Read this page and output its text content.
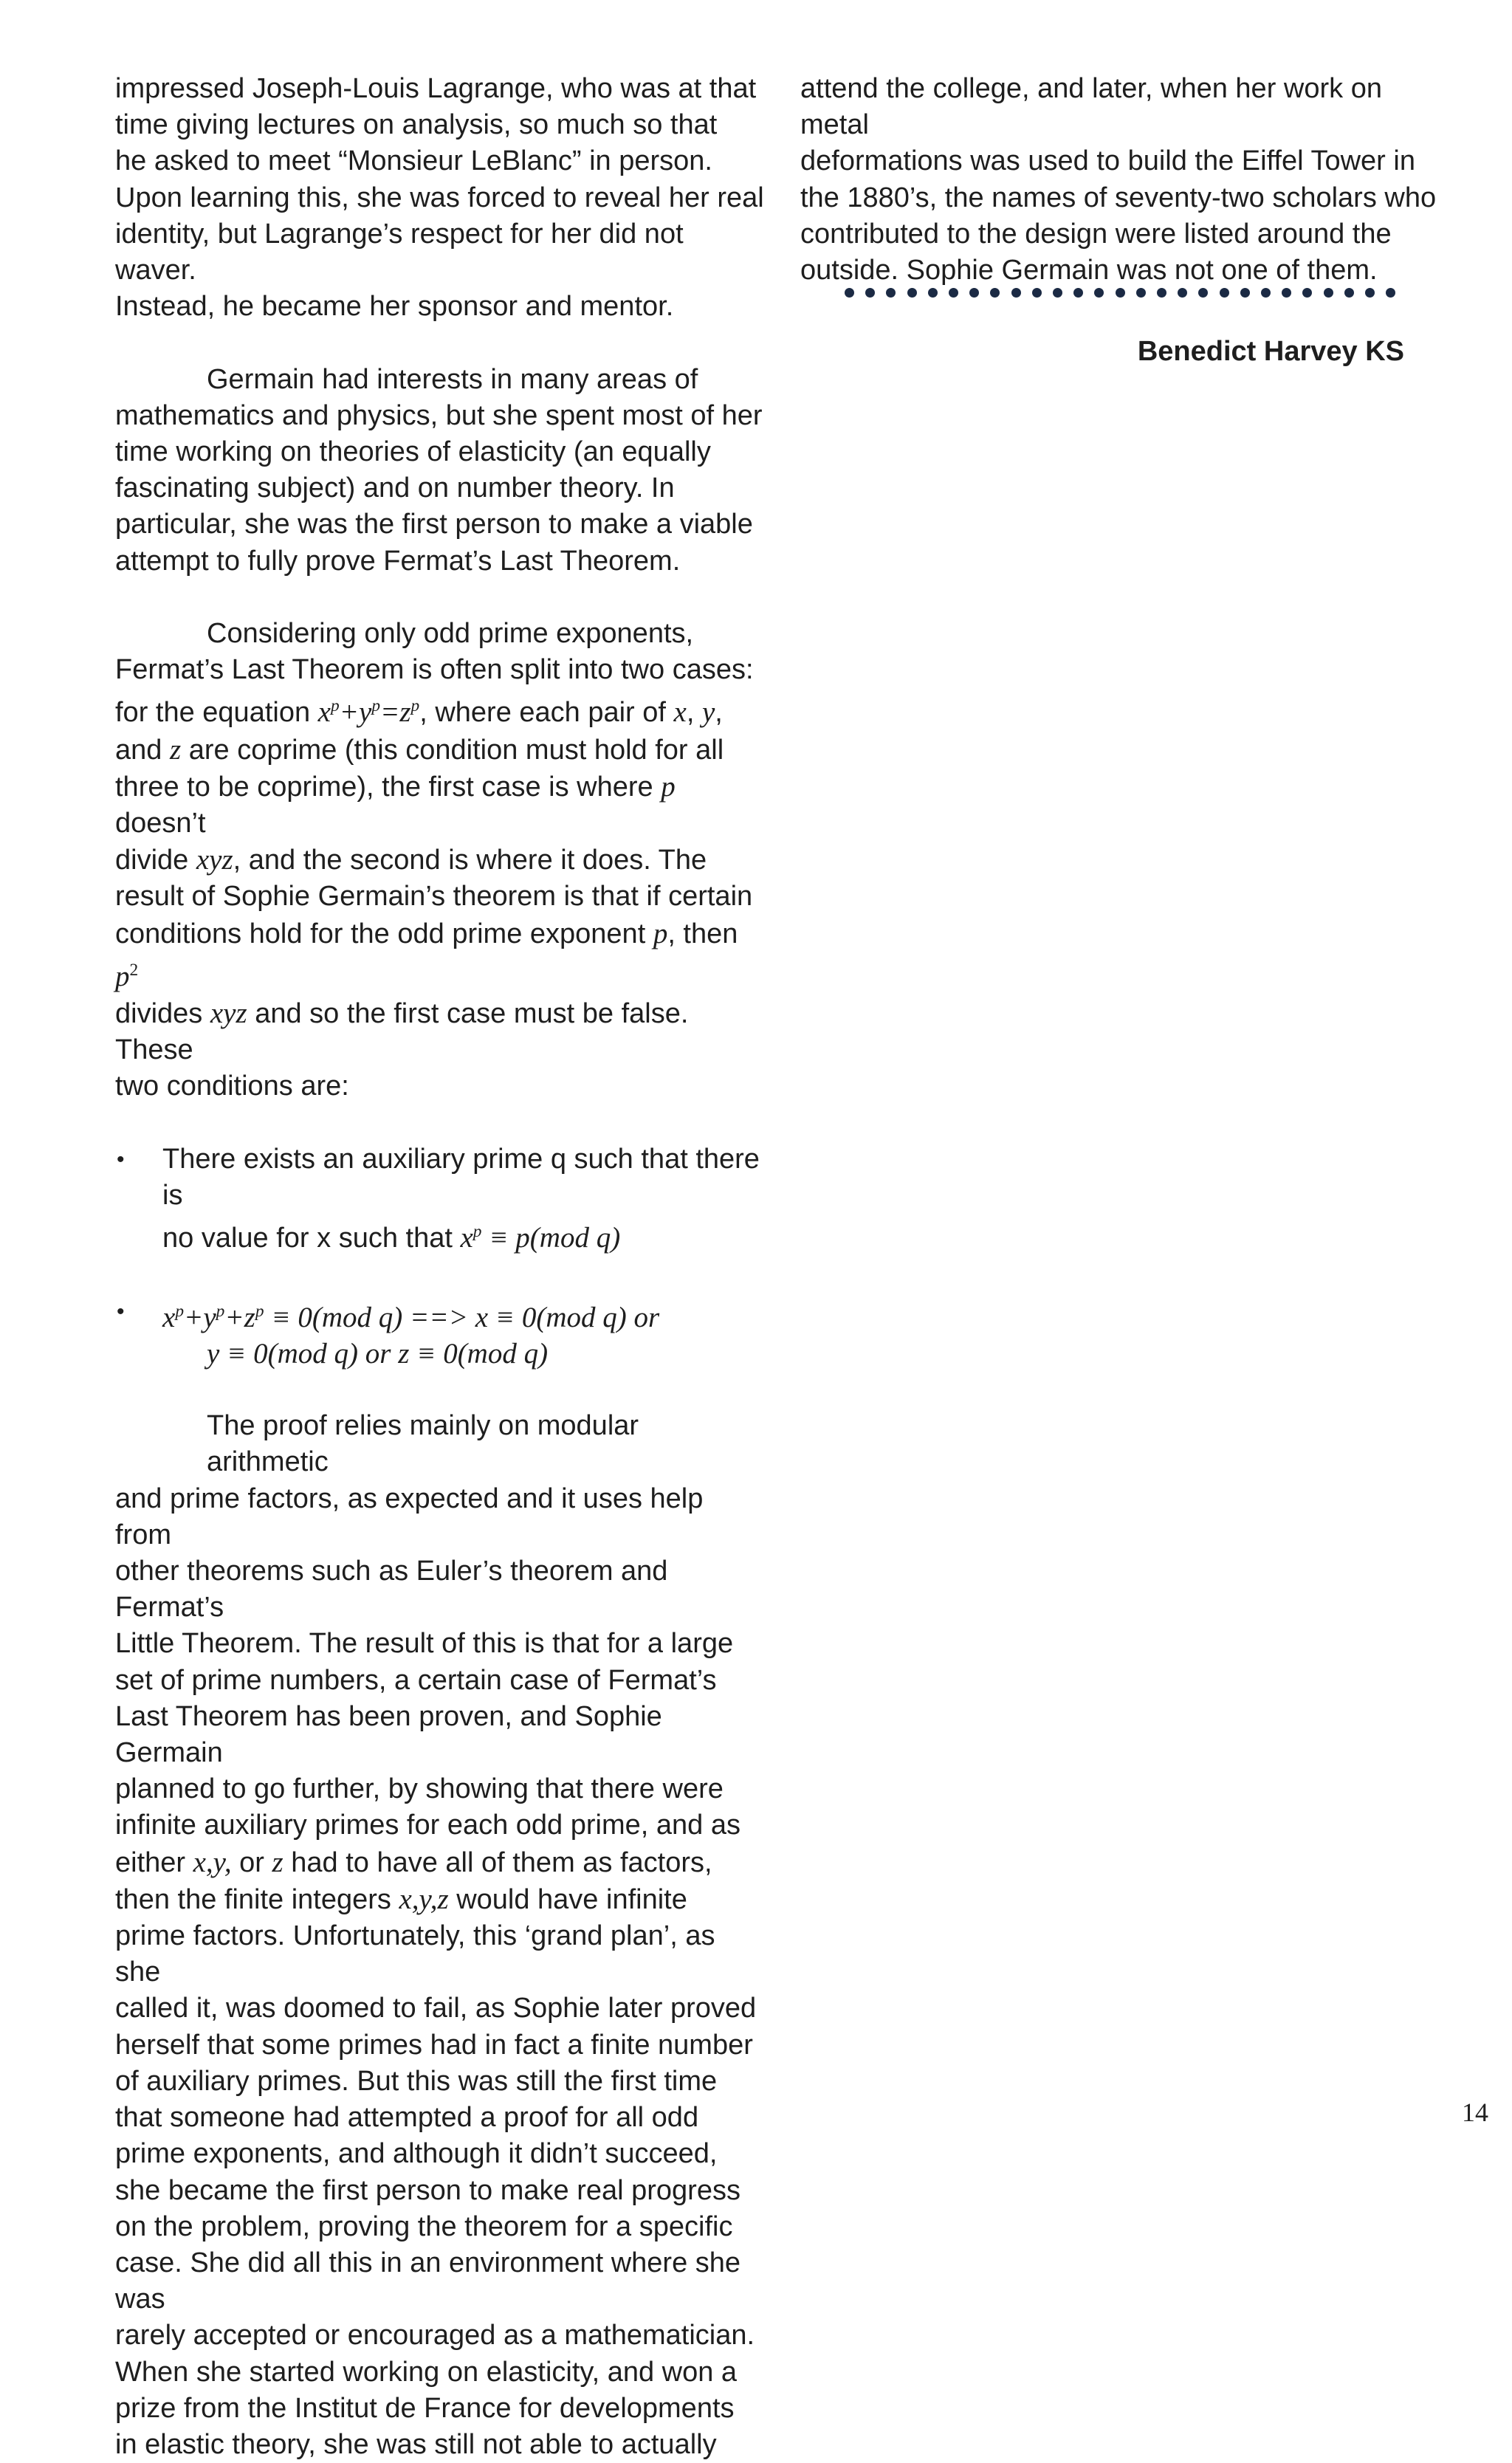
impressed Joseph-Louis Lagrange, who was at that

time giving lectures on analysis, so much so that

he asked to meet “Monsieur LeBlanc” in person.

Upon learning this, she was forced to reveal her real

identity, but Lagrange’s respect for her did not waver.

Instead, he became her sponsor and mentor.

Germain had interests in many areas of

mathematics and physics, but she spent most of her

time working on theories of elasticity (an equally

fascinating subject) and on number theory. In

particular, she was the first person to make a viable

attempt to fully prove Fermat’s Last Theorem.

Considering only odd prime exponents,

Fermat’s Last Theorem is often split into two cases:

for the equation $x^p+y^p=z^p$, where each pair of x, y,

and z are coprime (this condition must hold for all

three to be coprime), the first case is where p doesn’t

divide xyz, and the second is where it does. The

result of Sophie Germain’s theorem is that if certain

conditions hold for the odd prime exponent p, then $p^2$

divides xyz and so the first case must be false. These

two conditions are:

• There exists an auxiliary prime q such that there is

no value for x such that $x^p \equiv p(mod$ q)

• $x^p+y^p+z^p \equiv 0(mod$ q) ==> x ≡ 0(mod q) or

y ≡ 0(mod q) or z ≡ 0(mod q)

The proof relies mainly on modular arithmetic

and prime factors, as expected and it uses help from

other theorems such as Euler’s theorem and Fermat’s

Little Theorem. The result of this is that for a large

set of prime numbers, a certain case of Fermat’s

Last Theorem has been proven, and Sophie Germain

planned to go further, by showing that there were

infinite auxiliary primes for each odd prime, and as

either x,y, or z had to have all of them as factors,

then the finite integers x,y,z would have infinite

prime factors. Unfortunately, this ‘grand plan’, as she

called it, was doomed to fail, as Sophie later proved

herself that some primes had in fact a finite number

of auxiliary primes. But this was still the first time

that someone had attempted a proof for all odd

prime exponents, and although it didn’t succeed,

she became the first person to make real progress

on the problem, proving the theorem for a specific

case. She did all this in an environment where she was

rarely accepted or encouraged as a mathematician.

When she started working on elasticity, and won a

prize from the Institut de France for developments

in elastic theory, she was still not able to actually

attend the college, and later, when her work on metal

deformations was used to build the Eiffel Tower in

the 1880’s, the names of seventy-two scholars who

contributed to the design were listed around the

outside. Sophie Germain was not one of them.

Benedict Harvey KS
14
